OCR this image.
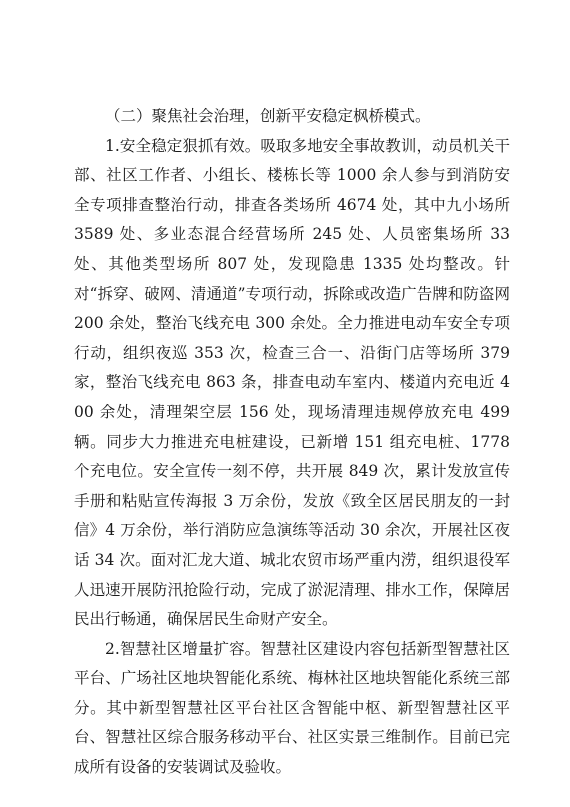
（二）聚焦社会治理，创新平安稳定枫桥模式。

1.安全稳定狠抓有效。吸取多地安全事故教训，动员机关干部、社区工作者、小组长、楼栋长等 1000 余人参与到消防安全专项排查整治行动，排查各类场所 4674 处，其中九小场所 3589 处、多业态混合经营场所 245 处、人员密集场所 33 处、其他类型场所 807 处，发现隐患 1335 处均整改。针对“拆穿、破网、清通道”专项行动，拆除或改造广告牌和防盗网 200 余处，整治飞线充电 300 余处。全力推进电动车安全专项行动，组织夜巡 353 次，检查三合一、沿街门店等场所 379 家，整治飞线充电 863 条，排查电动车室内、楼道内充电近 400 余处，清理架空层 156 处，现场清理违规停放充电 499 辆。同步大力推进充电桩建设，已新增 151 组充电桩、1778 个充电位。安全宣传一刻不停，共开展 849 次，累计发放宣传手册和粘贴宣传海报 3 万余份，发放《致全区居民朋友的一封信》4 万余份，举行消防应急演练等活动 30 余次，开展社区夜话 34 次。面对汇龙大道、城北农贸市场严重内涝，组织退役军人迅速开展防汛抢险行动，完成了淤泥清理、排水工作，保障居民出行畅通，确保居民生命财产安全。

2.智慧社区增量扩容。智慧社区建设内容包括新型智慧社区平台、广场社区地块智能化系统、梅林社区地块智能化系统三部分。其中新型智慧社区平台社区含智能中枢、新型智慧社区平台、智慧社区综合服务移动平台、社区实景三维制作。目前已完成所有设备的安装调试及验收。
